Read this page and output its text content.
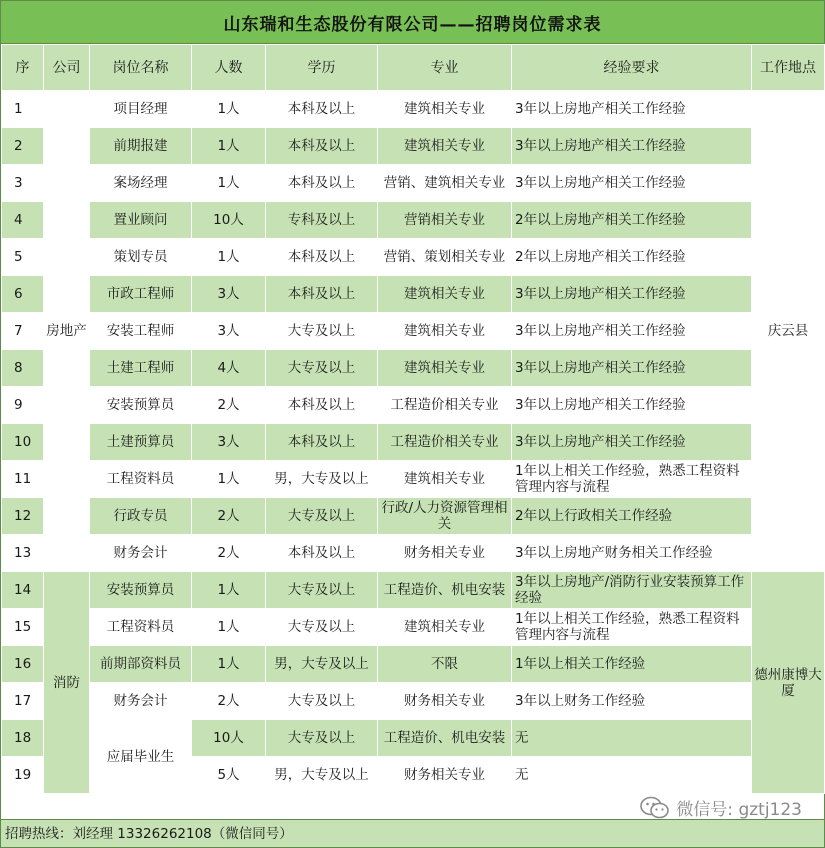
山东瑞和生态股份有限公司——招聘岗位需求表
序	公司	岗位名称	人数	学历	专业	经验要求	工作地点
1	房地产	项目经理	1人	本科及以上	建筑相关专业	3年以上房地产相关工作经验	庆云县
2		前期报建	1人	本科及以上	建筑相关专业	3年以上房地产相关工作经验	
3		案场经理	1人	本科及以上	营销、建筑相关专业	3年以上房地产相关工作经验	
4		置业顾问	10人	专科及以上	营销相关专业	2年以上房地产相关工作经验	
5		策划专员	1人	本科及以上	营销、策划相关专业	2年以上房地产相关工作经验	
6		市政工程师	3人	本科及以上	建筑相关专业	3年以上房地产相关工作经验	
7		安装工程师	3人	大专及以上	建筑相关专业	3年以上房地产相关工作经验	
8		土建工程师	4人	大专及以上	建筑相关专业	3年以上房地产相关工作经验	
9		安装预算员	2人	本科及以上	工程造价相关专业	3年以上房地产相关工作经验	
10		土建预算员	3人	本科及以上	工程造价相关专业	3年以上房地产相关工作经验	
11		工程资料员	1人	男，大专及以上	建筑相关专业	1年以上相关工作经验，熟悉工程资料管理内容与流程	
12		行政专员	2人	大专及以上	行政/人力资源管理相关	2年以上行政相关工作经验	
13		财务会计	2人	本科及以上	财务相关专业	3年以上房地产财务相关工作经验	
14	消防	安装预算员	1人	大专及以上	工程造价、机电安装	3年以上房地产/消防行业安装预算工作经验	德州康博大厦
15		工程资料员	1人	大专及以上	建筑相关专业	1年以上相关工作经验，熟悉工程资料管理内容与流程	
16		前期部资料员	1人	男，大专及以上	不限	1年以上相关工作经验	
17		财务会计	2人	大专及以上	财务相关专业	3年以上财务工作经验	
18		应届毕业生	10人	大专及以上	工程造价、机电安装	无	
19			5人	男，大专及以上	财务相关专业	无	
招聘热线：刘经理 13326262108（微信同号）
微信号: gztj123
